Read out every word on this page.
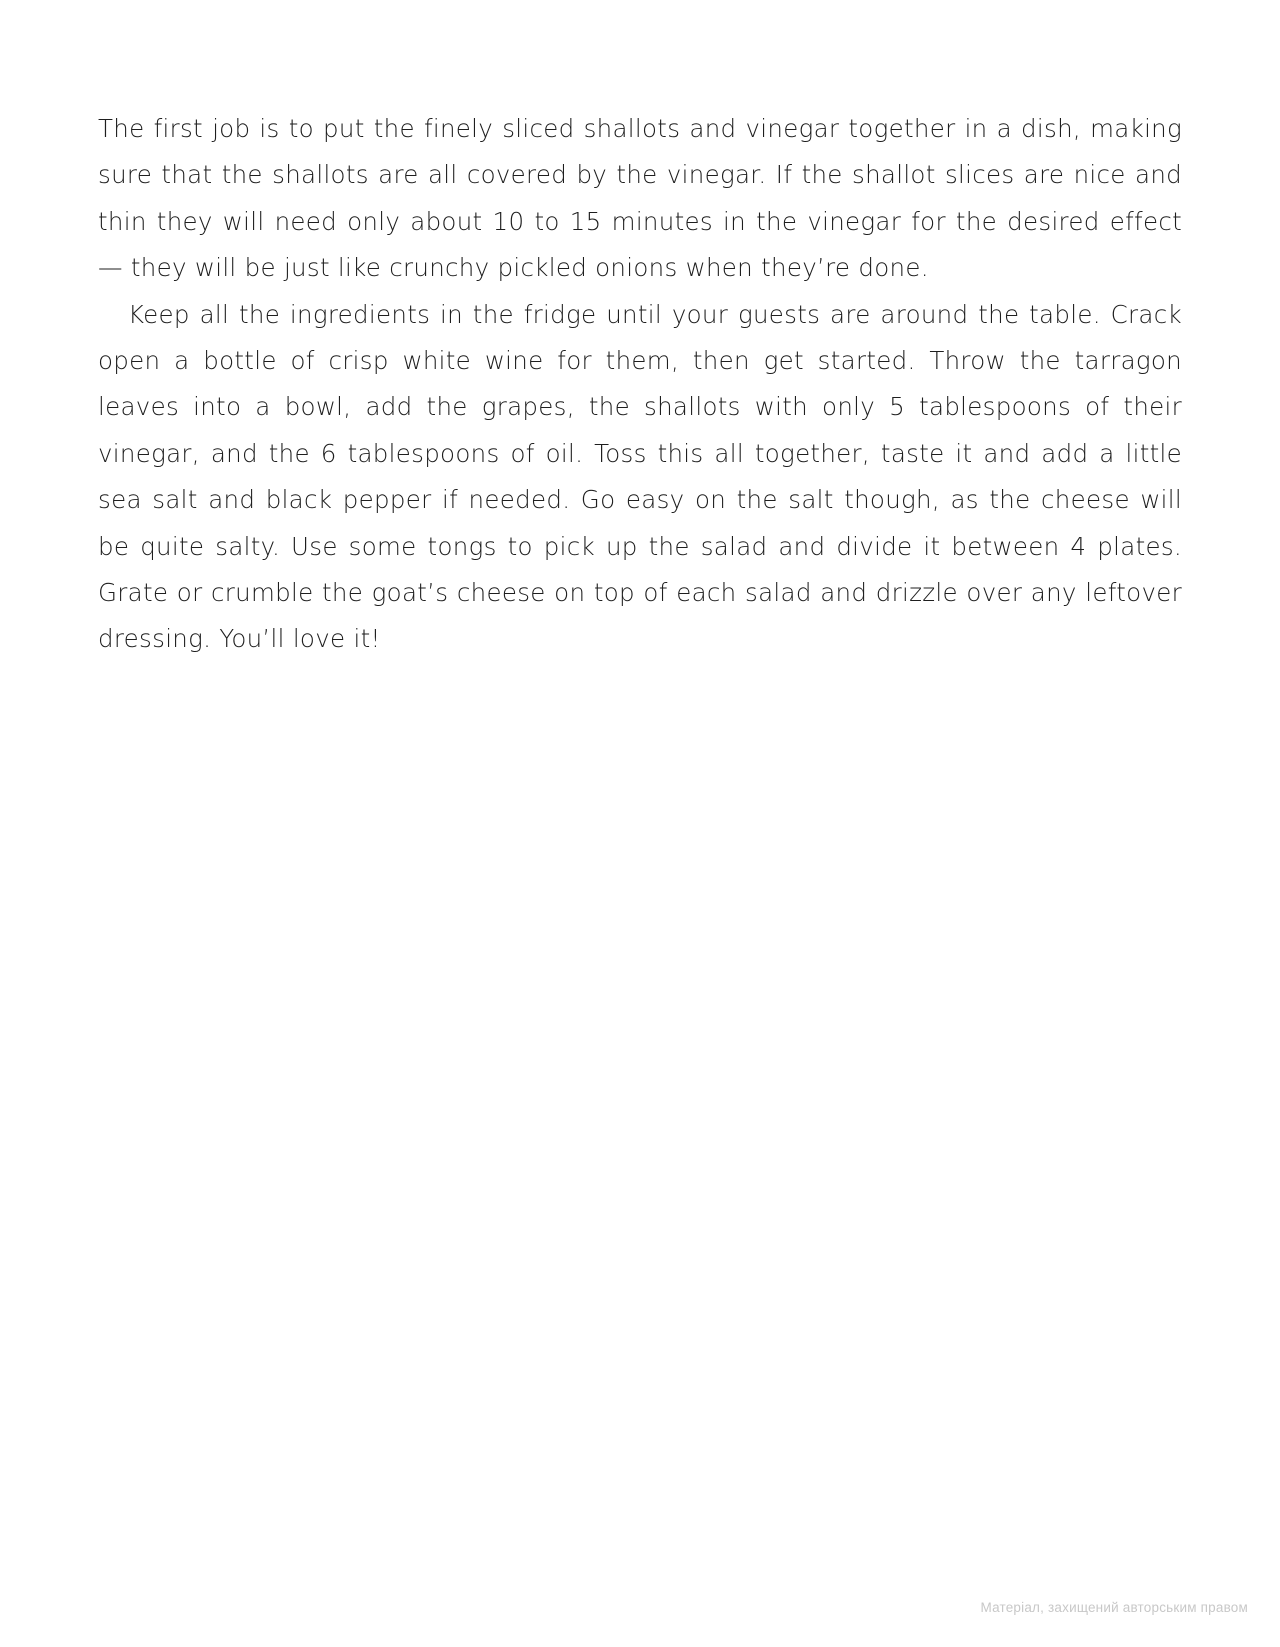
The first job is to put the finely sliced shallots and vinegar together in a dish, making sure that the shallots are all covered by the vinegar. If the shallot slices are nice and thin they will need only about 10 to 15 minutes in the vinegar for the desired effect — they will be just like crunchy pickled onions when they’re done.

Keep all the ingredients in the fridge until your guests are around the table. Crack open a bottle of crisp white wine for them, then get started. Throw the tarragon leaves into a bowl, add the grapes, the shallots with only 5 tablespoons of their vinegar, and the 6 tablespoons of oil. Toss this all together, taste it and add a little sea salt and black pepper if needed. Go easy on the salt though, as the cheese will be quite salty. Use some tongs to pick up the salad and divide it between 4 plates. Grate or crumble the goat’s cheese on top of each salad and drizzle over any leftover dressing. You’ll love it!

Матеріал, захищений авторським правом
